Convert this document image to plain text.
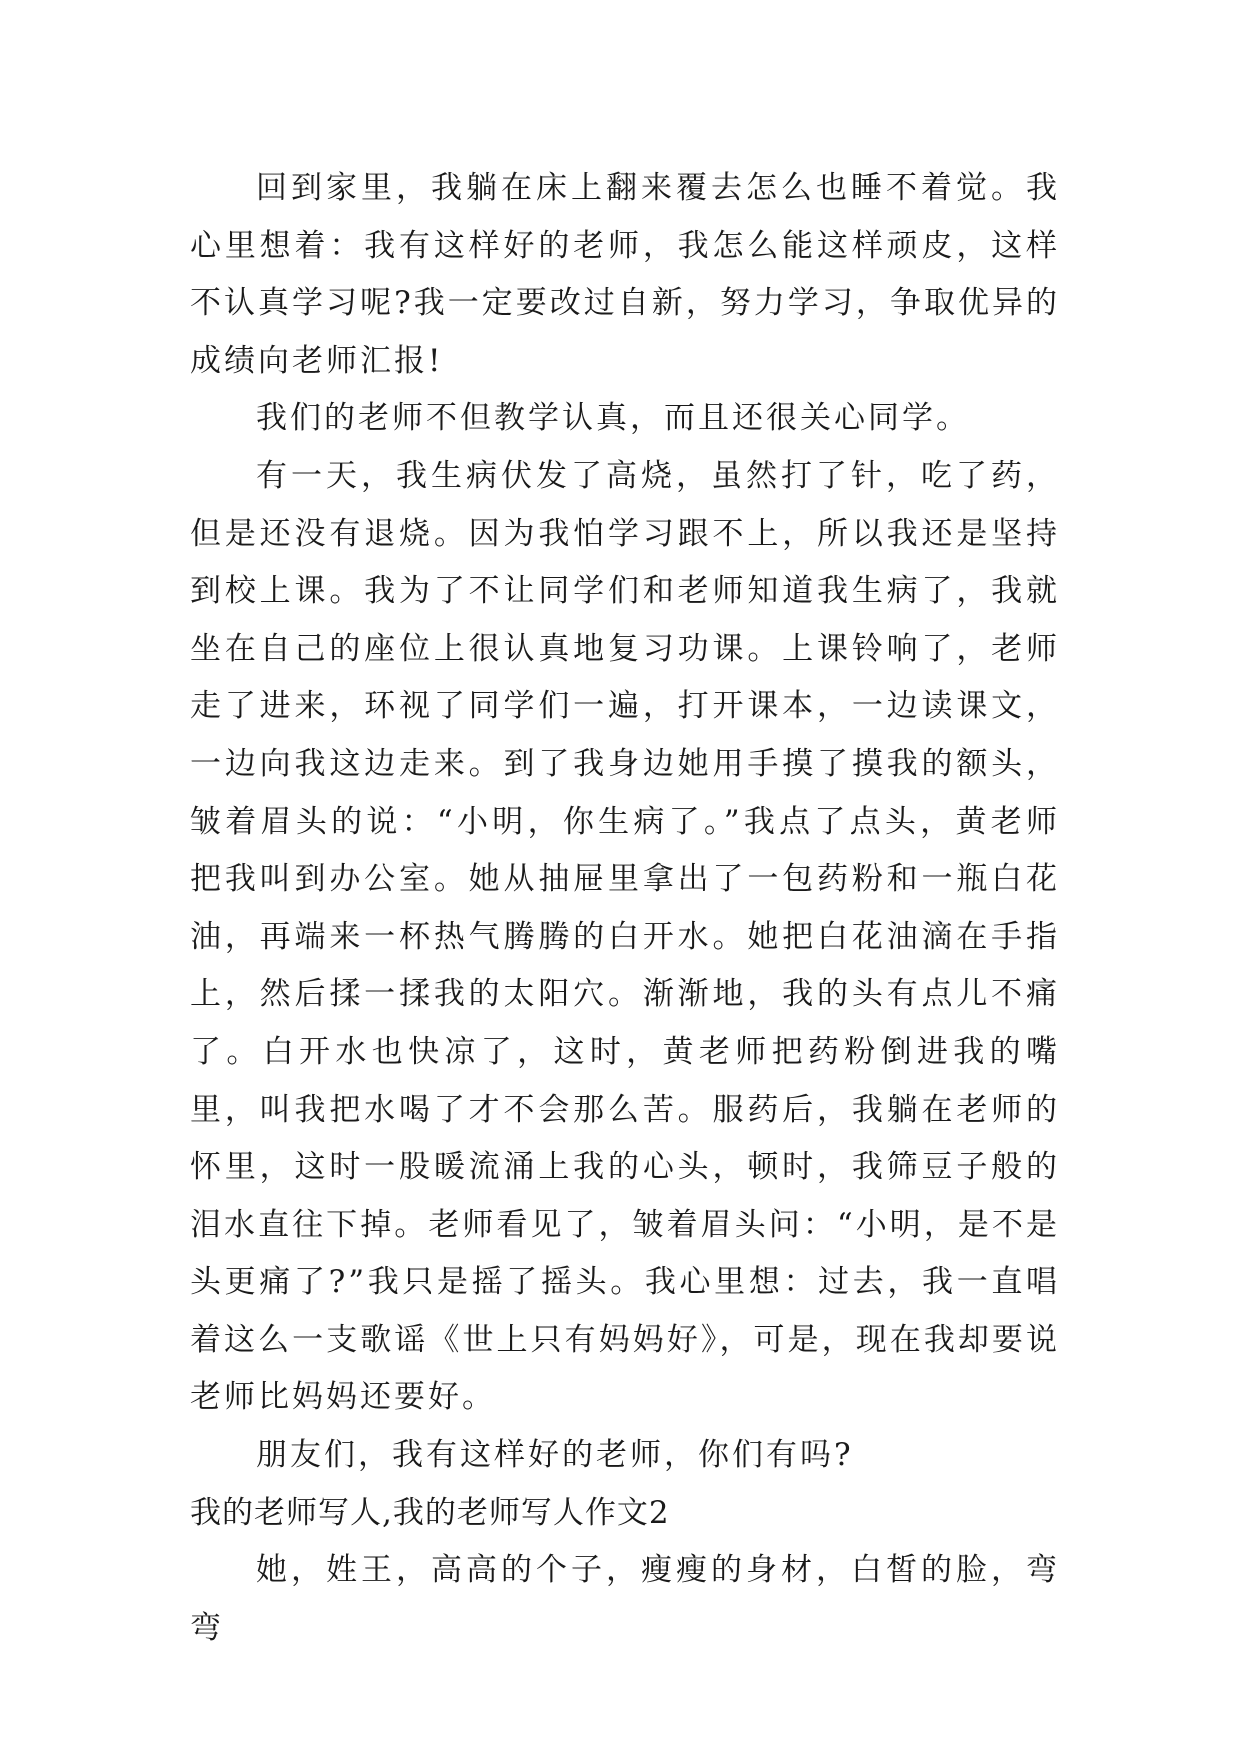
回到家里，我躺在床上翻来覆去怎么也睡不着觉。我心里想着：我有这样好的老师，我怎么能这样顽皮，这样不认真学习呢?我一定要改过自新，努力学习，争取优异的成绩向老师汇报!

我们的老师不但教学认真，而且还很关心同学。

有一天，我生病伏发了高烧，虽然打了针，吃了药，但是还没有退烧。因为我怕学习跟不上，所以我还是坚持到校上课。我为了不让同学们和老师知道我生病了，我就坐在自己的座位上很认真地复习功课。上课铃响了，老师走了进来，环视了同学们一遍，打开课本，一边读课文，一边向我这边走来。到了我身边她用手摸了摸我的额头，皱着眉头的说：“小明，你生病了。”我点了点头，黄老师把我叫到办公室。她从抽屉里拿出了一包药粉和一瓶白花油，再端来一杯热气腾腾的白开水。她把白花油滴在手指上，然后揉一揉我的太阳穴。渐渐地，我的头有点儿不痛了。白开水也快凉了，这时，黄老师把药粉倒进我的嘴里，叫我把水喝了才不会那么苦。服药后，我躺在老师的怀里，这时一股暖流涌上我的心头，顿时，我筛豆子般的泪水直往下掉。老师看见了，皱着眉头问：“小明，是不是头更痛了?”我只是摇了摇头。我心里想：过去，我一直唱着这么一支歌谣《世上只有妈妈好》，可是，现在我却要说老师比妈妈还要好。

朋友们，我有这样好的老师，你们有吗?

我的老师写人,我的老师写人作文2

她，姓王，高高的个子，瘦瘦的身材，白皙的脸，弯弯
